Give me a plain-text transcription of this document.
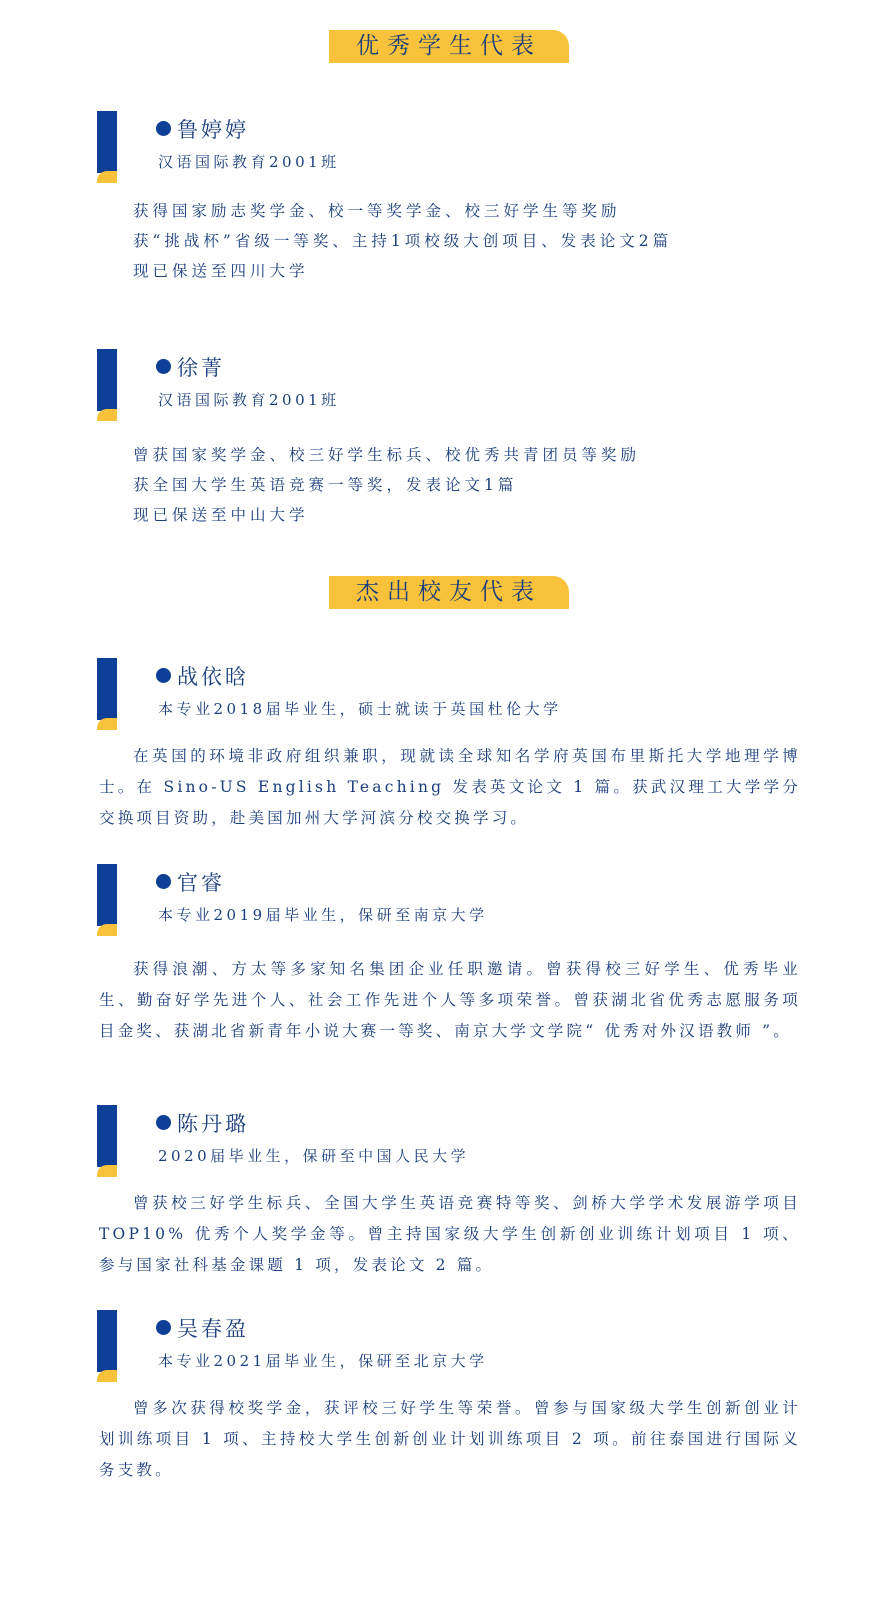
优秀学生代表
鲁婷婷
汉语国际教育2001班
获得国家励志奖学金、校一等奖学金、校三好学生等奖励
获“挑战杯”省级一等奖、主持1项校级大创项目、发表论文2篇
现已保送至四川大学
徐菁
汉语国际教育2001班
曾获国家奖学金、校三好学生标兵、校优秀共青团员等奖励
获全国大学生英语竞赛一等奖，发表论文1篇
现已保送至中山大学
杰出校友代表
战依晗
本专业2018届毕业生，硕士就读于英国杜伦大学
在英国的环境非政府组织兼职，现就读全球知名学府英国布里斯托大学地理学博士。在 Sino-US English Teaching 发表英文论文 1 篇。获武汉理工大学学分交换项目资助，赴美国加州大学河滨分校交换学习。
官睿
本专业2019届毕业生，保研至南京大学
获得浪潮、方太等多家知名集团企业任职邀请。曾获得校三好学生、优秀毕业生、勤奋好学先进个人、社会工作先进个人等多项荣誉。曾获湖北省优秀志愿服务项目金奖、获湖北省新青年小说大赛一等奖、南京大学文学院“ 优秀对外汉语教师 ”。
陈丹璐
2020届毕业生，保研至中国人民大学
曾获校三好学生标兵、全国大学生英语竞赛特等奖、剑桥大学学术发展游学项目 TOP10% 优秀个人奖学金等。曾主持国家级大学生创新创业训练计划项目 1 项、参与国家社科基金课题 1 项，发表论文 2 篇。
吴春盈
本专业2021届毕业生，保研至北京大学
曾多次获得校奖学金，获评校三好学生等荣誉。曾参与国家级大学生创新创业计划训练项目 1 项、主持校大学生创新创业计划训练项目 2 项。前往泰国进行国际义务支教。
